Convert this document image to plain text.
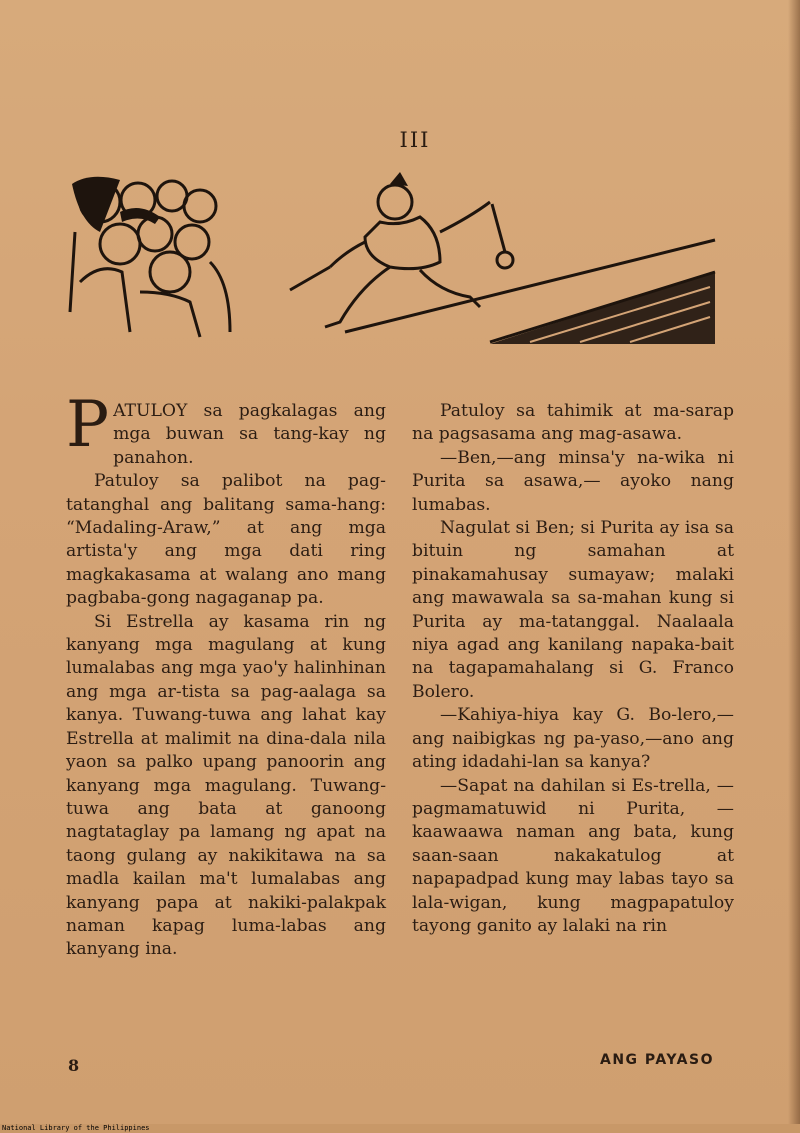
III

PATULOY sa pagkalagas ang mga buwan sa tang-kay ng panahon.

Patuloy sa palibot na pag-tatanghal ang balitang sama-hang: “Madaling-Araw,” at ang mga artista'y ang mga dati ring magkakasama at walang ano mang pagbaba-gong nagaganap pa.

Si Estrella ay kasama rin ng kanyang mga magulang at kung lumalabas ang mga yao'y halinhinan ang mga ar-tista sa pag-aalaga sa kanya. Tuwang-tuwa ang lahat kay Estrella at malimit na dina-dala nila yaon sa palko upang panoorin ang kanyang mga magulang. Tuwang-tuwa ang bata at ganoong nagtataglay pa lamang ng apat na taong gulang ay nakikitawa na sa madla kailan ma't lumalabas ang kanyang papa at nakiki-palakpak naman kapag luma-labas ang kanyang ina.

Patuloy sa tahimik at ma-sarap na pagsasama ang mag-asawa.

—Ben,—ang minsa'y na-wika ni Purita sa asawa,— ayoko nang lumabas.

Nagulat si Ben; si Purita ay isa sa bituin ng samahan at pinakamahusay sumayaw; malaki ang mawawala sa sa-mahan kung si Purita ay ma-tatanggal. Naalaala niya agad ang kanilang napaka-bait na tagapamahalang si G. Franco Bolero.

—Kahiya-hiya kay G. Bo-lero,—ang naibigkas ng pa-yaso,—ano ang ating idadahi-lan sa kanya?

—Sapat na dahilan si Es-trella, — pagmamatuwid ni Purita, — kaawaawa naman ang bata, kung saan-saan nakakatulog at napapadpad kung may labas tayo sa lala-wigan, kung magpapatuloy tayong ganito ay lalaki na rin

8	ANG PAYASO
National Library of the Philippines
